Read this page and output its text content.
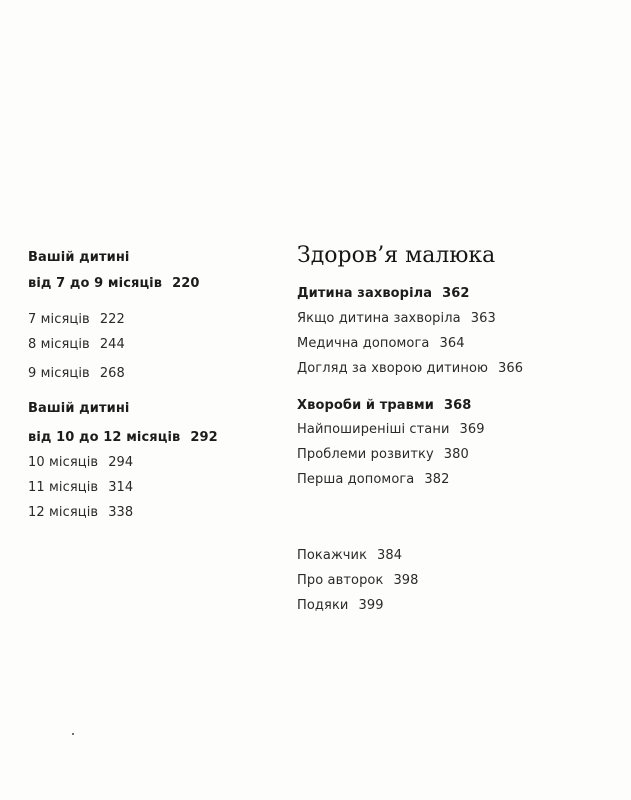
Вашій дитині
від 7 до 9 місяців 220
7 місяців 222
8 місяців 244
9 місяців 268
Вашій дитині
від 10 до 12 місяців 292
10 місяців 294
11 місяців 314
12 місяців 338
Здоров’я малюка
Дитина захворіла 362
Якщо дитина захворіла 363
Медична допомога 364
Догляд за хворою дитиною 366
Хвороби й травми 368
Найпоширеніші стани 369
Проблеми розвитку 380
Перша допомога 382
Покажчик 384
Про авторок 398
Подяки 399
